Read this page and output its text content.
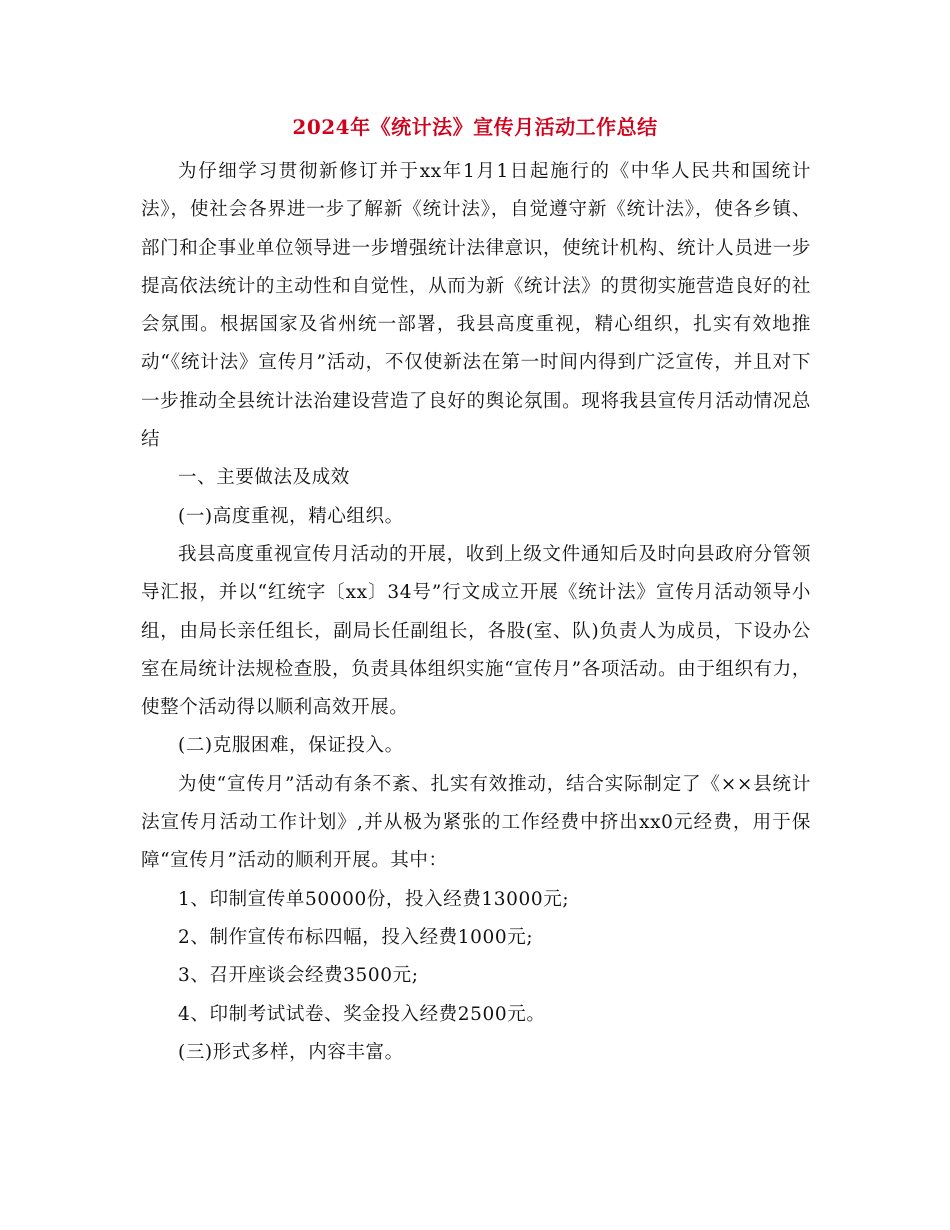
2024年《统计法》宣传月活动工作总结

为仔细学习贯彻新修订并于xx年1月1日起施行的《中华人民共和国统计法》，使社会各界进一步了解新《统计法》，自觉遵守新《统计法》，使各乡镇、部门和企事业单位领导进一步增强统计法律意识，使统计机构、统计人员进一步提高依法统计的主动性和自觉性，从而为新《统计法》的贯彻实施营造良好的社会氛围。根据国家及省州统一部署，我县高度重视，精心组织，扎实有效地推动“《统计法》宣传月”活动，不仅使新法在第一时间内得到广泛宣传，并且对下一步推动全县统计法治建设营造了良好的舆论氛围。现将我县宣传月活动情况总结

一、主要做法及成效

(一)高度重视，精心组织。

我县高度重视宣传月活动的开展，收到上级文件通知后及时向县政府分管领导汇报，并以“红统字〔xx〕34号”行文成立开展《统计法》宣传月活动领导小组，由局长亲任组长，副局长任副组长，各股(室、队)负责人为成员，下设办公室在局统计法规检查股，负责具体组织实施“宣传月”各项活动。由于组织有力，使整个活动得以顺利高效开展。

(二)克服困难，保证投入。

为使“宣传月”活动有条不紊、扎实有效推动，结合实际制定了《××县统计法宣传月活动工作计划》,并从极为紧张的工作经费中挤出xx0元经费，用于保障“宣传月”活动的顺利开展。其中：

1、印制宣传单50000份，投入经费13000元;

2、制作宣传布标四幅，投入经费1000元;

3、召开座谈会经费3500元;

4、印制考试试卷、奖金投入经费2500元。

(三)形式多样，内容丰富。
